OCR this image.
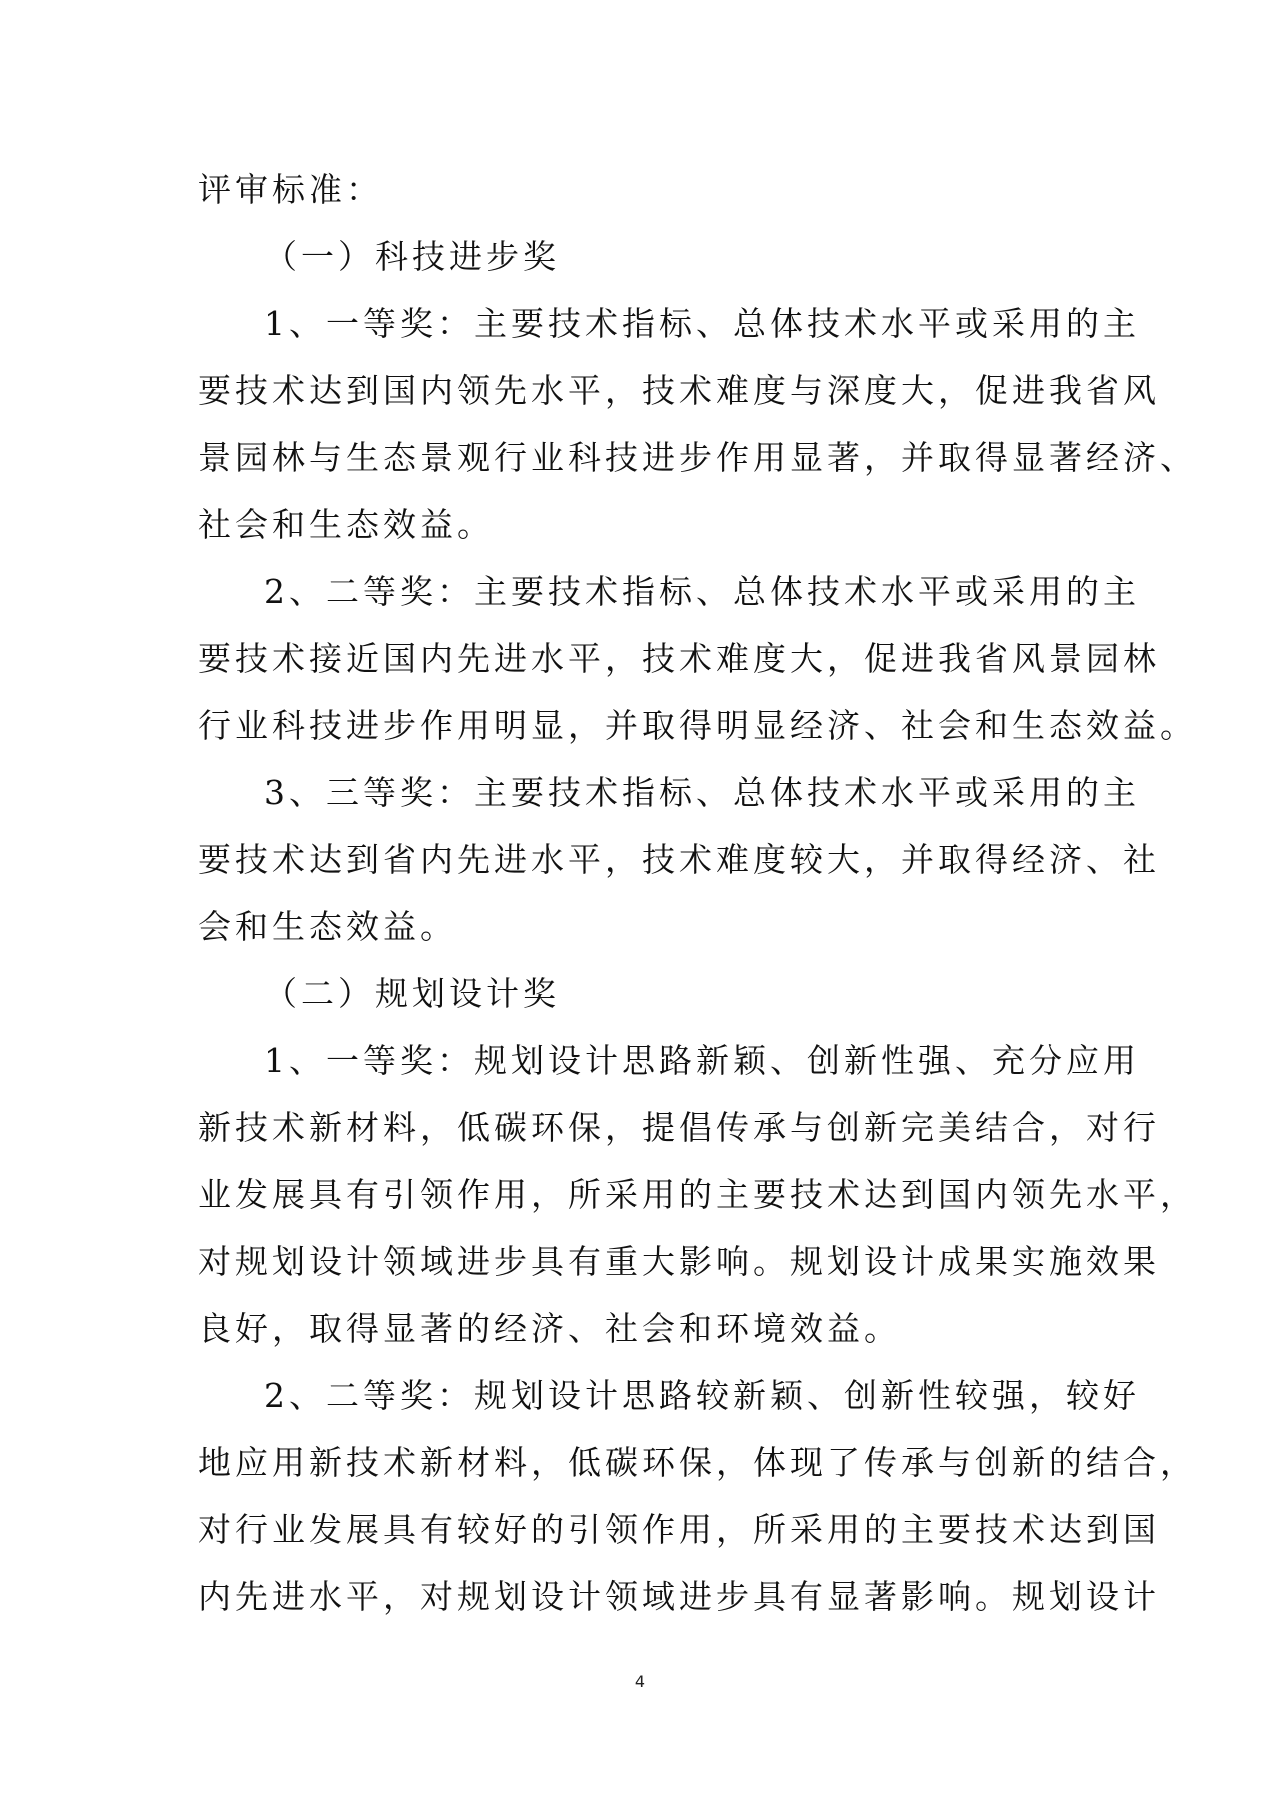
评审标准：
（一）科技进步奖
1、一等奖：主要技术指标、总体技术水平或采用的主
要技术达到国内领先水平，技术难度与深度大，促进我省风
景园林与生态景观行业科技进步作用显著，并取得显著经济、
社会和生态效益。
2、二等奖：主要技术指标、总体技术水平或采用的主
要技术接近国内先进水平，技术难度大，促进我省风景园林
行业科技进步作用明显，并取得明显经济、社会和生态效益。
3、三等奖：主要技术指标、总体技术水平或采用的主
要技术达到省内先进水平，技术难度较大，并取得经济、社
会和生态效益。
（二）规划设计奖
1、一等奖：规划设计思路新颖、创新性强、充分应用
新技术新材料，低碳环保，提倡传承与创新完美结合，对行
业发展具有引领作用，所采用的主要技术达到国内领先水平，
对规划设计领域进步具有重大影响。规划设计成果实施效果
良好，取得显著的经济、社会和环境效益。
2、二等奖：规划设计思路较新颖、创新性较强，较好
地应用新技术新材料，低碳环保，体现了传承与创新的结合，
对行业发展具有较好的引领作用，所采用的主要技术达到国
内先进水平，对规划设计领域进步具有显著影响。规划设计
4
